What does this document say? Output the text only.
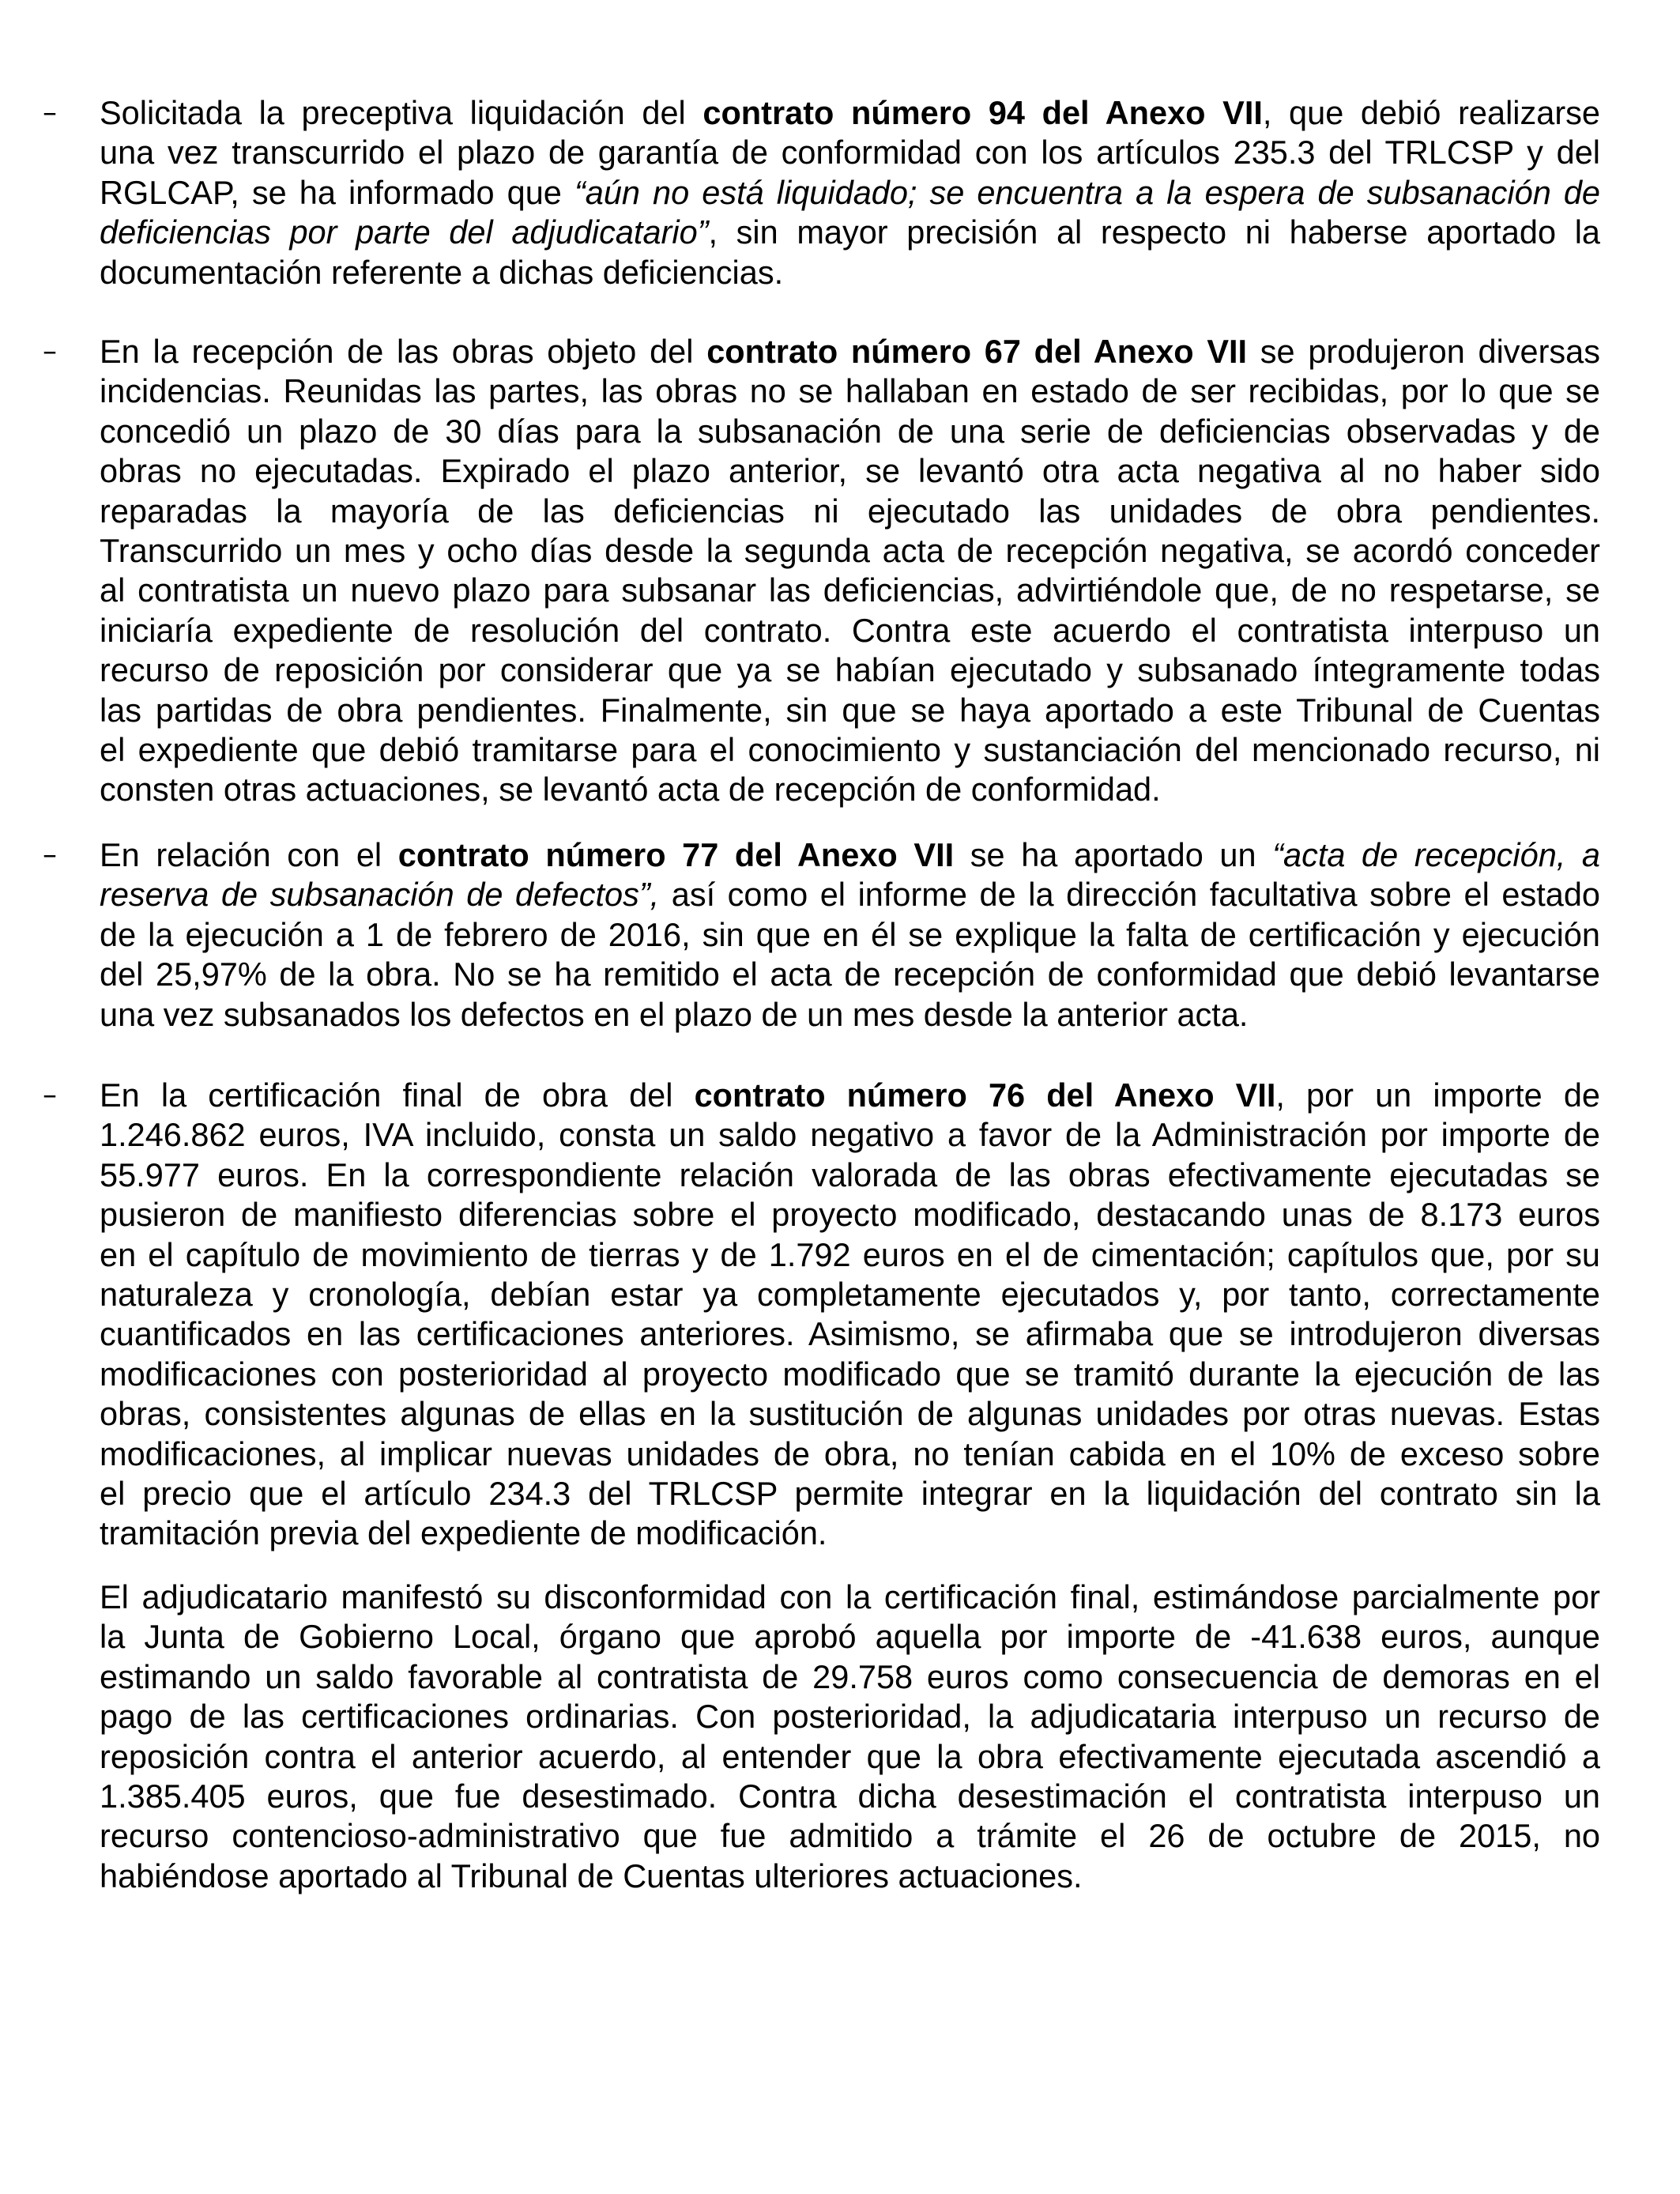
– Solicitada la preceptiva liquidación del contrato número 94 del Anexo VII, que debió realizarse
una vez transcurrido el plazo de garantía de conformidad con los artículos 235.3 del TRLCSP y del
RGLCAP, se ha informado que “aún no está liquidado; se encuentra a la espera de subsanación de
deficiencias por parte del adjudicatario”, sin mayor precisión al respecto ni haberse aportado la
documentación referente a dichas deficiencias.
– En la recepción de las obras objeto del contrato número 67 del Anexo VII se produjeron diversas
incidencias. Reunidas las partes, las obras no se hallaban en estado de ser recibidas, por lo que se
concedió un plazo de 30 días para la subsanación de una serie de deficiencias observadas y de
obras no ejecutadas. Expirado el plazo anterior, se levantó otra acta negativa al no haber sido
reparadas la mayoría de las deficiencias ni ejecutado las unidades de obra pendientes.
Transcurrido un mes y ocho días desde la segunda acta de recepción negativa, se acordó conceder
al contratista un nuevo plazo para subsanar las deficiencias, advirtiéndole que, de no respetarse, se
iniciaría expediente de resolución del contrato. Contra este acuerdo el contratista interpuso un
recurso de reposición por considerar que ya se habían ejecutado y subsanado íntegramente todas
las partidas de obra pendientes. Finalmente, sin que se haya aportado a este Tribunal de Cuentas
el expediente que debió tramitarse para el conocimiento y sustanciación del mencionado recurso, ni
consten otras actuaciones, se levantó acta de recepción de conformidad.
– En relación con el contrato número 77 del Anexo VII se ha aportado un “acta de recepción, a
reserva de subsanación de defectos”, así como el informe de la dirección facultativa sobre el estado
de la ejecución a 1 de febrero de 2016, sin que en él se explique la falta de certificación y ejecución
del 25,97% de la obra. No se ha remitido el acta de recepción de conformidad que debió levantarse
una vez subsanados los defectos en el plazo de un mes desde la anterior acta.
– En la certificación final de obra del contrato número 76 del Anexo VII, por un importe de
1.246.862 euros, IVA incluido, consta un saldo negativo a favor de la Administración por importe de
55.977 euros. En la correspondiente relación valorada de las obras efectivamente ejecutadas se
pusieron de manifiesto diferencias sobre el proyecto modificado, destacando unas de 8.173 euros
en el capítulo de movimiento de tierras y de 1.792 euros en el de cimentación; capítulos que, por su
naturaleza y cronología, debían estar ya completamente ejecutados y, por tanto, correctamente
cuantificados en las certificaciones anteriores. Asimismo, se afirmaba que se introdujeron diversas
modificaciones con posterioridad al proyecto modificado que se tramitó durante la ejecución de las
obras, consistentes algunas de ellas en la sustitución de algunas unidades por otras nuevas. Estas
modificaciones, al implicar nuevas unidades de obra, no tenían cabida en el 10% de exceso sobre
el precio que el artículo 234.3 del TRLCSP permite integrar en la liquidación del contrato sin la
tramitación previa del expediente de modificación.
El adjudicatario manifestó su disconformidad con la certificación final, estimándose parcialmente por
la Junta de Gobierno Local, órgano que aprobó aquella por importe de -41.638 euros, aunque
estimando un saldo favorable al contratista de 29.758 euros como consecuencia de demoras en el
pago de las certificaciones ordinarias. Con posterioridad, la adjudicataria interpuso un recurso de
reposición contra el anterior acuerdo, al entender que la obra efectivamente ejecutada ascendió a
1.385.405 euros, que fue desestimado. Contra dicha desestimación el contratista interpuso un
recurso contencioso-administrativo que fue admitido a trámite el 26 de octubre de 2015, no
habiéndose aportado al Tribunal de Cuentas ulteriores actuaciones.
